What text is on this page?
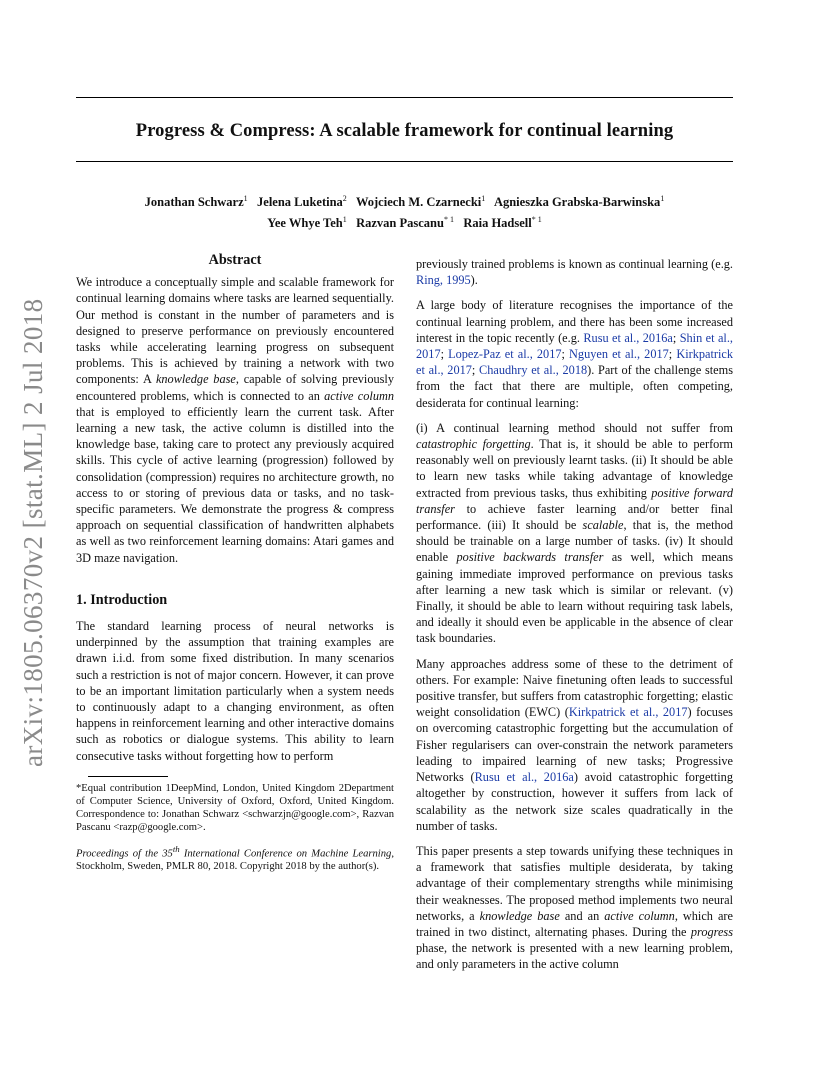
Progress & Compress: A scalable framework for continual learning
Jonathan Schwarz$^1$ Jelena Luketina$^2$ Wojciech M. Czarnecki$^1$ Agnieszka Grabska-Barwinska$^1$
Yee Whye Teh$^1$ Razvan Pascanu$^{* 1}$ Raia Hadsell$^{* 1}$
arXiv:1805.06370v2 [stat.ML] 2 Jul 2018
Abstract

We introduce a conceptually simple and scalable framework for continual learning domains where tasks are learned sequentially. Our method is constant in the number of parameters and is designed to preserve performance on previously encountered tasks while accelerating learning progress on subsequent problems. This is achieved by training a network with two components: A knowledge base, capable of solving previously encountered problems, which is connected to an active column that is employed to efficiently learn the current task. After learning a new task, the active column is distilled into the knowledge base, taking care to protect any previously acquired skills. This cycle of active learning (progression) followed by consolidation (compression) requires no architecture growth, no access to or storing of previous data or tasks, and no task-specific parameters. We demonstrate the progress & compress approach on sequential classification of handwritten alphabets as well as two reinforcement learning domains: Atari games and 3D maze navigation.

1. Introduction

The standard learning process of neural networks is underpinned by the assumption that training examples are drawn i.i.d. from some fixed distribution. In many scenarios such a restriction is not of major concern. However, it can prove to be an important limitation particularly when a system needs to continuously adapt to a changing environment, as often happens in reinforcement learning and other interactive domains such as robotics or dialogue systems. This ability to learn consecutive tasks without forgetting how to perform

*Equal contribution 1DeepMind, London, United Kingdom 2Department of Computer Science, University of Oxford, Oxford, United Kingdom. Correspondence to: Jonathan Schwarz <schwarzjn@google.com>, Razvan Pascanu <razp@google.com>.

Proceedings of the 35th International Conference on Machine Learning, Stockholm, Sweden, PMLR 80, 2018. Copyright 2018 by the author(s).

previously trained problems is known as continual learning (e.g. Ring, 1995).

A large body of literature recognises the importance of the continual learning problem, and there has been some increased interest in the topic recently (e.g. Rusu et al., 2016a; Shin et al., 2017; Lopez-Paz et al., 2017; Nguyen et al., 2017; Kirkpatrick et al., 2017; Chaudhry et al., 2018). Part of the challenge stems from the fact that there are multiple, often competing, desiderata for continual learning:

(i) A continual learning method should not suffer from catastrophic forgetting. That is, it should be able to perform reasonably well on previously learnt tasks. (ii) It should be able to learn new tasks while taking advantage of knowledge extracted from previous tasks, thus exhibiting positive forward transfer to achieve faster learning and/or better final performance. (iii) It should be scalable, that is, the method should be trainable on a large number of tasks. (iv) It should enable positive backwards transfer as well, which means gaining immediate improved performance on previous tasks after learning a new task which is similar or relevant. (v) Finally, it should be able to learn without requiring task labels, and ideally it should even be applicable in the absence of clear task boundaries.

Many approaches address some of these to the detriment of others. For example: Naive finetuning often leads to successful positive transfer, but suffers from catastrophic forgetting; elastic weight consolidation (EWC) (Kirkpatrick et al., 2017) focuses on overcoming catastrophic forgetting but the accumulation of Fisher regularisers can over-constrain the network parameters leading to impaired learning of new tasks; Progressive Networks (Rusu et al., 2016a) avoid catastrophic forgetting altogether by construction, however it suffers from lack of scalability as the network size scales quadratically in the number of tasks.

This paper presents a step towards unifying these techniques in a framework that satisfies multiple desiderata, by taking advantage of their complementary strengths while minimising their weaknesses. The proposed method implements two neural networks, a knowledge base and an active column, which are trained in two distinct, alternating phases. During the progress phase, the network is presented with a new learning problem, and only parameters in the active column
